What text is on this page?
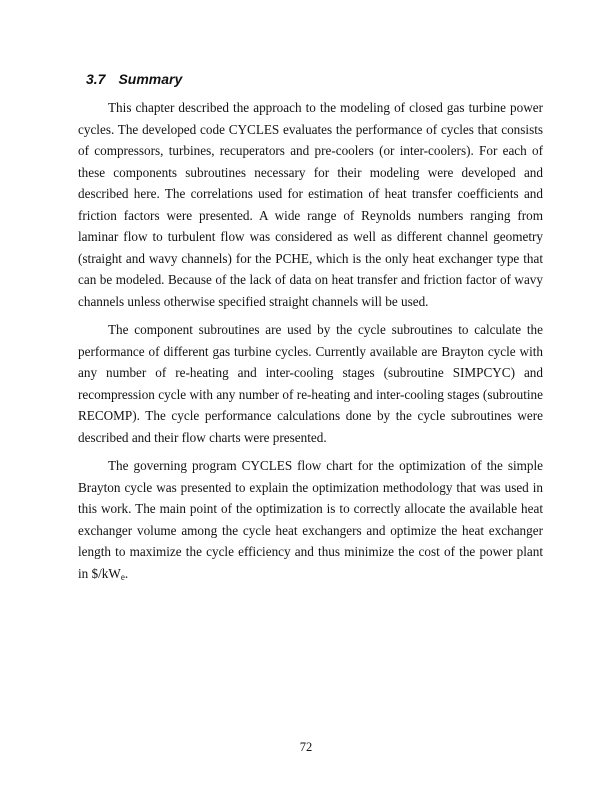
3.7 Summary

This chapter described the approach to the modeling of closed gas turbine power cycles. The developed code CYCLES evaluates the performance of cycles that consists of compressors, turbines, recuperators and pre-coolers (or inter-coolers). For each of these components subroutines necessary for their modeling were developed and described here. The correlations used for estimation of heat transfer coefficients and friction factors were presented. A wide range of Reynolds numbers ranging from laminar flow to turbulent flow was considered as well as different channel geometry (straight and wavy channels) for the PCHE, which is the only heat exchanger type that can be modeled. Because of the lack of data on heat transfer and friction factor of wavy channels unless otherwise specified straight channels will be used.

The component subroutines are used by the cycle subroutines to calculate the performance of different gas turbine cycles. Currently available are Brayton cycle with any number of re-heating and inter-cooling stages (subroutine SIMPCYC) and recompression cycle with any number of re-heating and inter-cooling stages (subroutine RECOMP). The cycle performance calculations done by the cycle subroutines were described and their flow charts were presented.

The governing program CYCLES flow chart for the optimization of the simple Brayton cycle was presented to explain the optimization methodology that was used in this work. The main point of the optimization is to correctly allocate the available heat exchanger volume among the cycle heat exchangers and optimize the heat exchanger length to maximize the cycle efficiency and thus minimize the cost of the power plant in $\$/kW_e$.

72
